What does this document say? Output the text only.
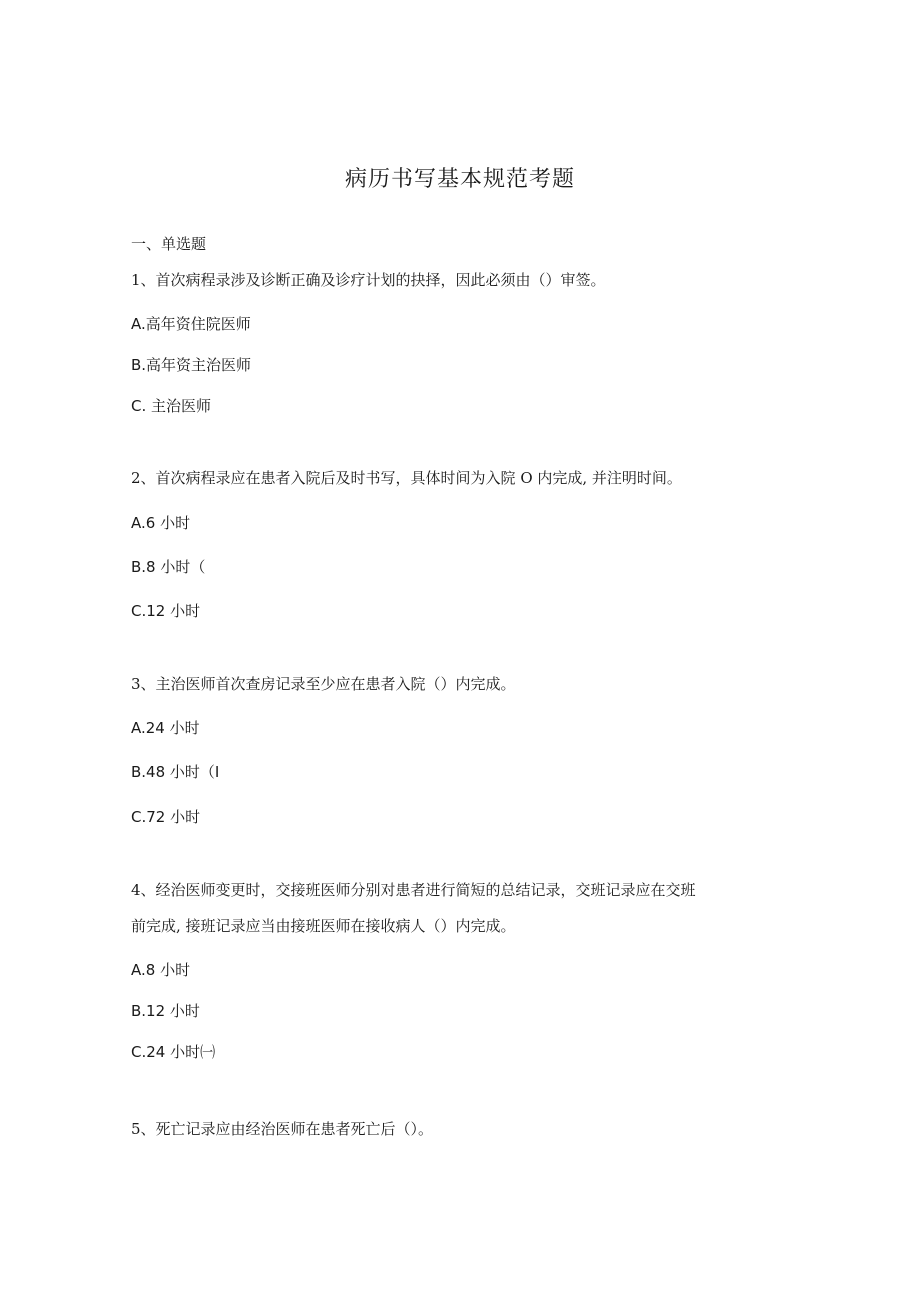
病历书写基本规范考题
一、单选题
1、首次病程录涉及诊断正确及诊疗计划的抉择，因此必须由（）审签。
A.高年资住院医师
B.高年资主治医师
C. 主治医师
2、首次病程录应在患者入院后及时书写，具体时间为入院 O 内完成, 并注明时间。
A.6 小时
B.8 小时（
C.12 小时
3、主治医师首次查房记录至少应在患者入院（）内完成。
A.24 小时
B.48 小时（I
C.72 小时
4、经治医师变更时，交接班医师分别对患者进行简短的总结记录，交班记录应在交班
前完成, 接班记录应当由接班医师在接收病人（）内完成。
A.8 小时
B.12 小时
C.24 小时㈠
5、死亡记录应由经治医师在患者死亡后（）。
